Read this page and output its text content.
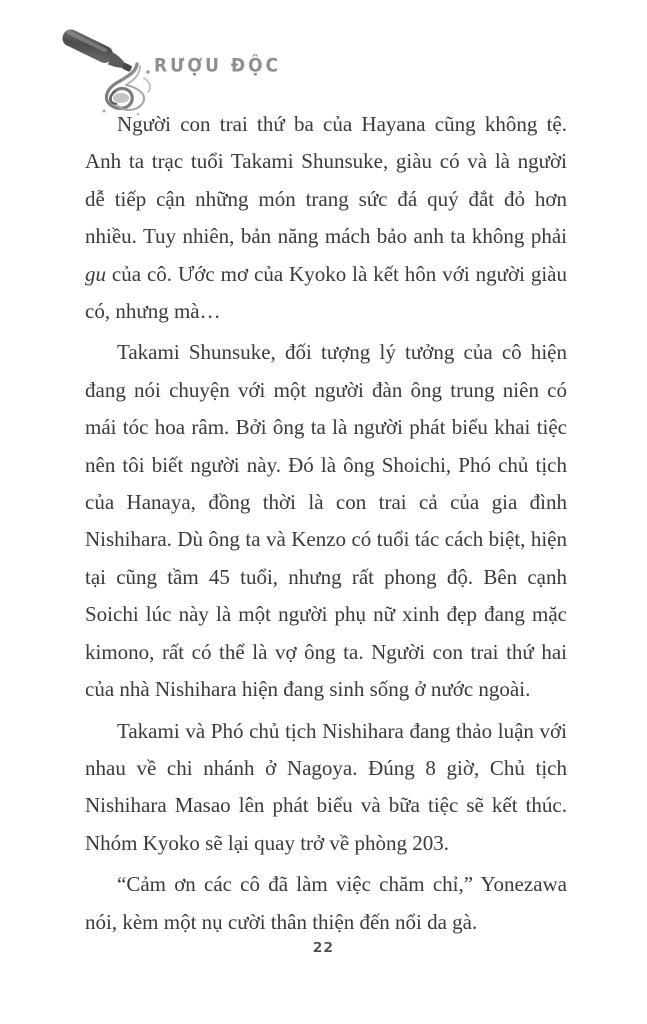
RƯỢU ĐỘC

Người con trai thứ ba của Hayana cũng không tệ. Anh ta trạc tuổi Takami Shunsuke, giàu có và là người dễ tiếp cận những món trang sức đá quý đắt đỏ hơn nhiều. Tuy nhiên, bản năng mách bảo anh ta không phải gu của cô. Ước mơ của Kyoko là kết hôn với người giàu có, nhưng mà…

Takami Shunsuke, đối tượng lý tưởng của cô hiện đang nói chuyện với một người đàn ông trung niên có mái tóc hoa râm. Bởi ông ta là người phát biểu khai tiệc nên tôi biết người này. Đó là ông Shoichi, Phó chủ tịch của Hanaya, đồng thời là con trai cả của gia đình Nishihara. Dù ông ta và Kenzo có tuổi tác cách biệt, hiện tại cũng tầm 45 tuổi, nhưng rất phong độ. Bên cạnh Soichi lúc này là một người phụ nữ xinh đẹp đang mặc kimono, rất có thể là vợ ông ta. Người con trai thứ hai của nhà Nishihara hiện đang sinh sống ở nước ngoài.

Takami và Phó chủ tịch Nishihara đang thảo luận với nhau về chi nhánh ở Nagoya. Đúng 8 giờ, Chủ tịch Nishihara Masao lên phát biểu và bữa tiệc sẽ kết thúc. Nhóm Kyoko sẽ lại quay trở về phòng 203.

“Cảm ơn các cô đã làm việc chăm chỉ,” Yonezawa nói, kèm một nụ cười thân thiện đến nổi da gà.

22
